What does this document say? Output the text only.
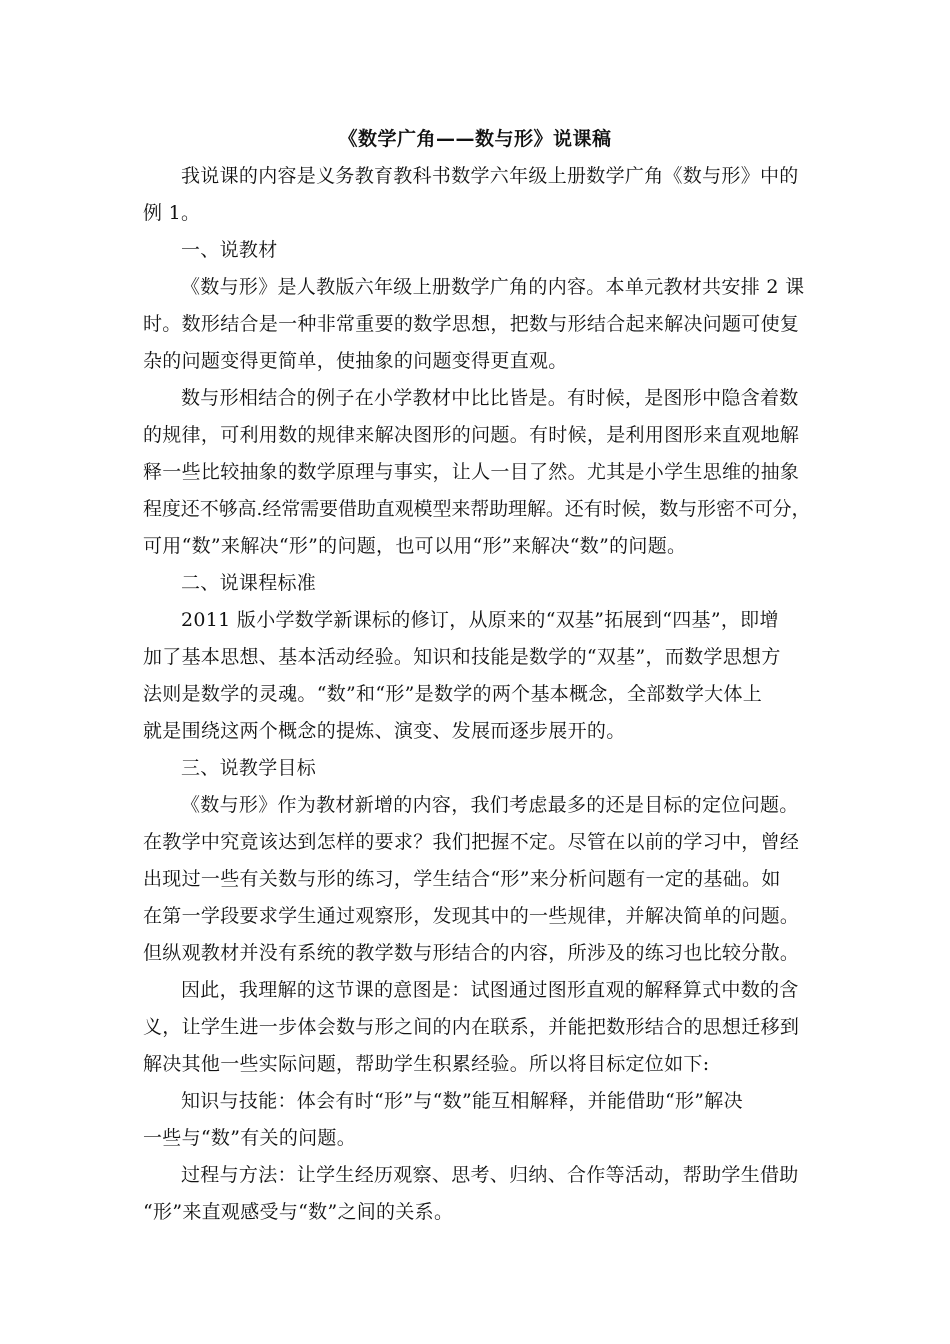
《数学广角——数与形》说课稿
我说课的内容是义务教育教科书数学六年级上册数学广角《数与形》中的
例 1。
一、说教材
《数与形》是人教版六年级上册数学广角的内容。本单元教材共安排 2 课
时。数形结合是一种非常重要的数学思想，把数与形结合起来解决问题可使复
杂的问题变得更简单，使抽象的问题变得更直观。
数与形相结合的例子在小学教材中比比皆是。有时候，是图形中隐含着数
的规律，可利用数的规律来解决图形的问题。有时候，是利用图形来直观地解
释一些比较抽象的数学原理与事实，让人一目了然。尤其是小学生思维的抽象
程度还不够高.经常需要借助直观模型来帮助理解。还有时候，数与形密不可分，
可用“数”来解决“形”的问题，也可以用“形”来解决“数”的问题。
二、说课程标准
2011 版小学数学新课标的修订，从原来的“双基”拓展到“四基”，即增
加了基本思想、基本活动经验。知识和技能是数学的“双基”，而数学思想方
法则是数学的灵魂。“数”和“形”是数学的两个基本概念，全部数学大体上
就是围绕这两个概念的提炼、演变、发展而逐步展开的。
三、说教学目标
《数与形》作为教材新增的内容，我们考虑最多的还是目标的定位问题。
在教学中究竟该达到怎样的要求？我们把握不定。尽管在以前的学习中，曾经
出现过一些有关数与形的练习，学生结合“形”来分析问题有一定的基础。如
在第一学段要求学生通过观察形，发现其中的一些规律，并解决简单的问题。
但纵观教材并没有系统的教学数与形结合的内容，所涉及的练习也比较分散。
因此，我理解的这节课的意图是：试图通过图形直观的解释算式中数的含
义，让学生进一步体会数与形之间的内在联系，并能把数形结合的思想迁移到
解决其他一些实际问题，帮助学生积累经验。所以将目标定位如下:
知识与技能：体会有时“形”与“数”能互相解释，并能借助“形”解决
一些与“数”有关的问题。
过程与方法：让学生经历观察、思考、归纳、合作等活动，帮助学生借助
“形”来直观感受与“数”之间的关系。
